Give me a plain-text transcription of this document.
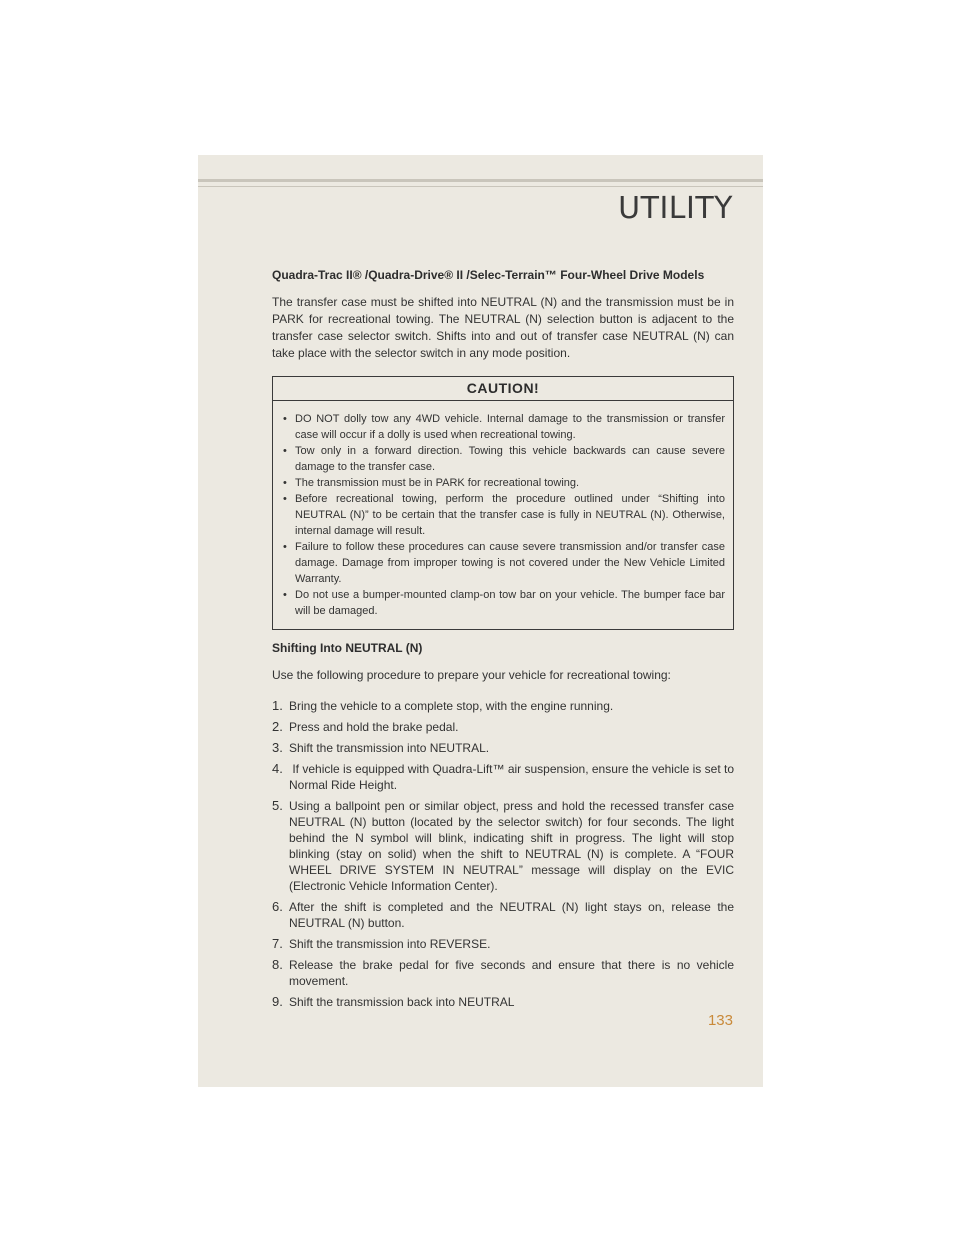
UTILITY
Quadra-Trac II® /Quadra-Drive® II /Selec-Terrain™ Four-Wheel Drive Models

The transfer case must be shifted into NEUTRAL (N) and the transmission must be in PARK for recreational towing. The NEUTRAL (N) selection button is adjacent to the transfer case selector switch. Shifts into and out of transfer case NEUTRAL (N) can take place with the selector switch in any mode position.

CAUTION!
• DO NOT dolly tow any 4WD vehicle. Internal damage to the transmission or transfer case will occur if a dolly is used when recreational towing.
• Tow only in a forward direction. Towing this vehicle backwards can cause severe damage to the transfer case.
• The transmission must be in PARK for recreational towing.
• Before recreational towing, perform the procedure outlined under “Shifting into NEUTRAL (N)” to be certain that the transfer case is fully in NEUTRAL (N). Otherwise, internal damage will result.
• Failure to follow these procedures can cause severe transmission and/or transfer case damage. Damage from improper towing is not covered under the New Vehicle Limited Warranty.
• Do not use a bumper-mounted clamp-on tow bar on your vehicle. The bumper face bar will be damaged.
Shifting Into NEUTRAL (N)

Use the following procedure to prepare your vehicle for recreational towing:

1. Bring the vehicle to a complete stop, with the engine running.
2. Press and hold the brake pedal.
3. Shift the transmission into NEUTRAL.
4. If vehicle is equipped with Quadra-Lift™ air suspension, ensure the vehicle is set to Normal Ride Height.
5. Using a ballpoint pen or similar object, press and hold the recessed transfer case NEUTRAL (N) button (located by the selector switch) for four seconds. The light behind the N symbol will blink, indicating shift in progress. The light will stop blinking (stay on solid) when the shift to NEUTRAL (N) is complete. A “FOUR WHEEL DRIVE SYSTEM IN NEUTRAL” message will display on the EVIC (Electronic Vehicle Information Center).
6. After the shift is completed and the NEUTRAL (N) light stays on, release the NEUTRAL (N) button.
7. Shift the transmission into REVERSE.
8. Release the brake pedal for five seconds and ensure that there is no vehicle movement.
9. Shift the transmission back into NEUTRAL

133
